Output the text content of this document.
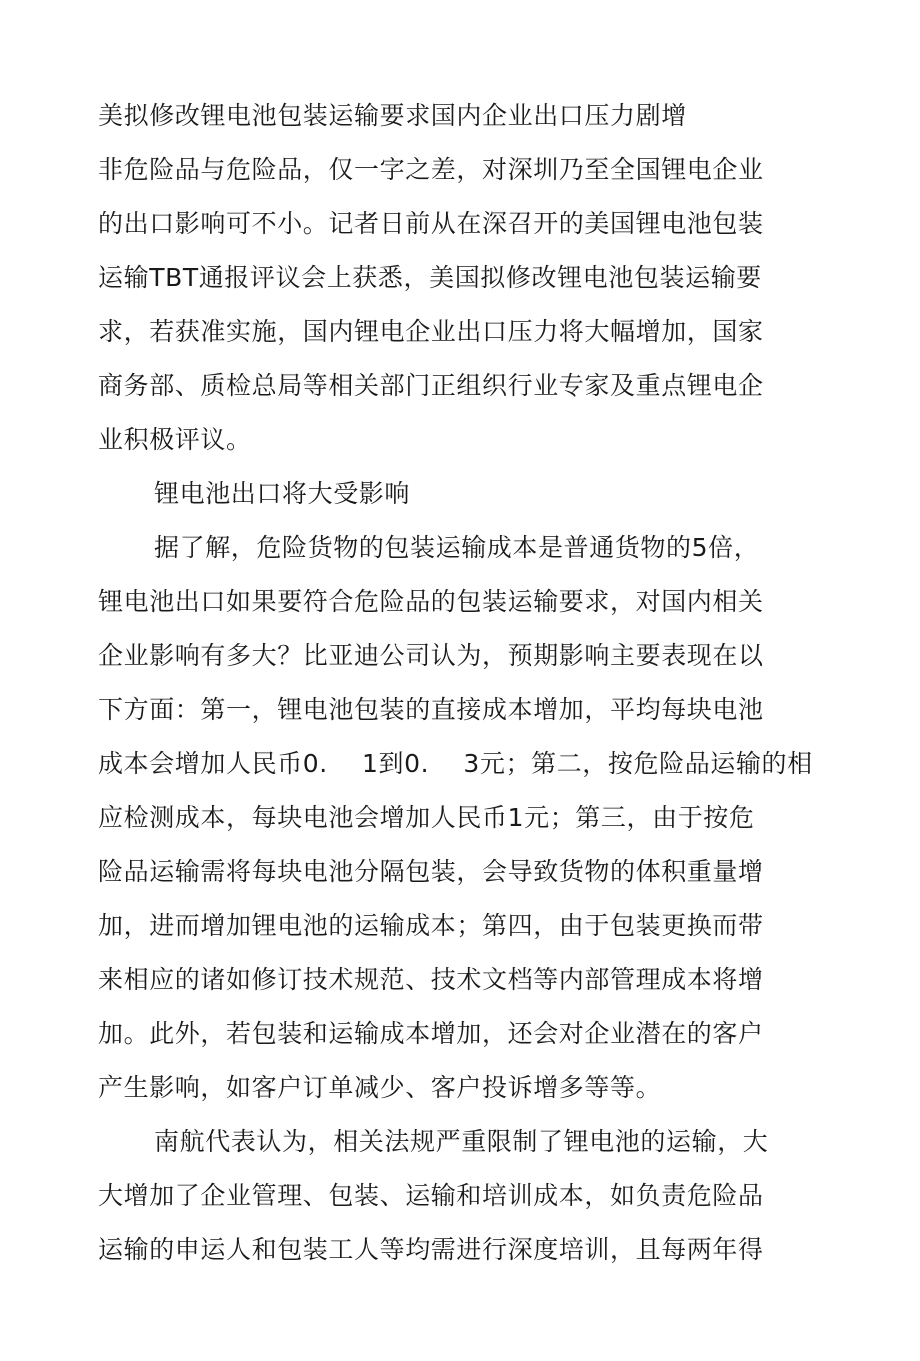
美拟修改锂电池包装运输要求国内企业出口压力剧增
非危险品与危险品，仅一字之差，对深圳乃至全国锂电企业
的出口影响可不小。记者日前从在深召开的美国锂电池包装
运输TBT通报评议会上获悉，美国拟修改锂电池包装运输要
求，若获准实施，国内锂电企业出口压力将大幅增加，国家
商务部、质检总局等相关部门正组织行业专家及重点锂电企
业积极评议。
锂电池出口将大受影响
据了解，危险货物的包装运输成本是普通货物的5倍，
锂电池出口如果要符合危险品的包装运输要求，对国内相关
企业影响有多大？比亚迪公司认为，预期影响主要表现在以
下方面：第一，锂电池包装的直接成本增加，平均每块电池
成本会增加人民币0.    1到0.    3元；第二，按危险品运输的相
应检测成本，每块电池会增加人民币1元；第三，由于按危
险品运输需将每块电池分隔包装，会导致货物的体积重量增
加，进而增加锂电池的运输成本；第四，由于包装更换而带
来相应的诸如修订技术规范、技术文档等内部管理成本将增
加。此外，若包装和运输成本增加，还会对企业潜在的客户
产生影响，如客户订单减少、客户投诉增多等等。
南航代表认为，相关法规严重限制了锂电池的运输，大
大增加了企业管理、包装、运输和培训成本，如负责危险品
运输的申运人和包装工人等均需进行深度培训，且每两年得
